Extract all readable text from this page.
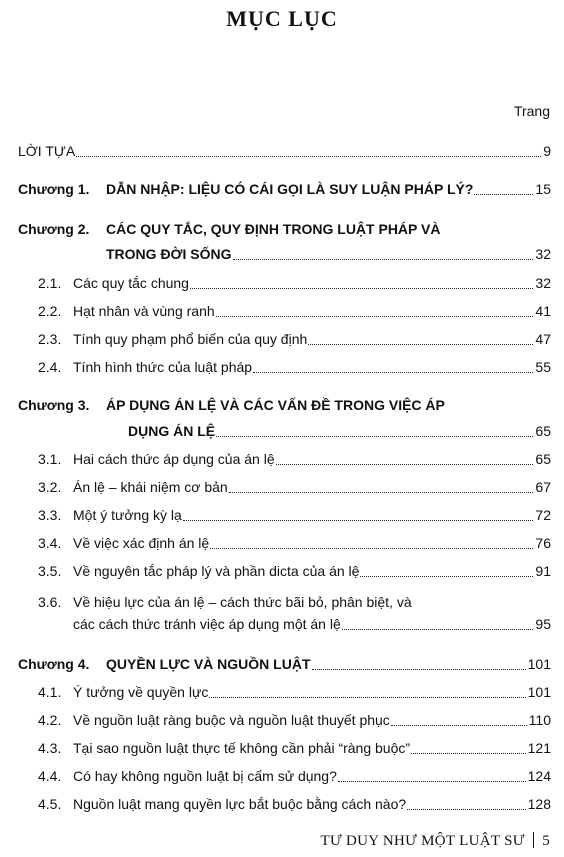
MỤC LỤC
Trang
LỜI TỰA	9
Chương 1. DẪN NHẬP: LIỆU CÓ CÁI GỌI LÀ SUY LUẬN PHÁP LÝ?	15
Chương 2. CÁC QUY TẮC, QUY ĐỊNH TRONG LUẬT PHÁP VÀ
TRONG ĐỜI SỐNG	32
2.1. Các quy tắc chung	32
2.2. Hạt nhân và vùng ranh	41
2.3. Tính quy phạm phổ biến của quy định	47
2.4. Tính hình thức của luật pháp	55
Chương 3. ÁP DỤNG ÁN LỆ VÀ CÁC VẤN ĐỀ TRONG VIỆC ÁP
DỤNG ÁN LỆ	65
3.1. Hai cách thức áp dụng của án lệ	65
3.2. Án lệ – khái niệm cơ bản	67
3.3. Một ý tưởng kỳ lạ	72
3.4. Về việc xác định án lệ	76
3.5. Về nguyên tắc pháp lý và phần dicta của án lệ	91
3.6. Về hiệu lực của án lệ – cách thức bãi bỏ, phân biệt, và
các cách thức tránh việc áp dụng một án lệ	95
Chương 4. QUYỀN LỰC VÀ NGUỒN LUẬT	101
4.1. Ý tưởng về quyền lực	101
4.2. Về nguồn luật ràng buộc và nguồn luật thuyết phục	110
4.3. Tại sao nguồn luật thực tế không cần phải “ràng buộc”	121
4.4. Có hay không nguồn luật bị cấm sử dụng?	124
4.5. Nguồn luật mang quyền lực bắt buộc bằng cách nào?	128
TƯ DUY NHƯ MỘT LUẬT SƯ 5
